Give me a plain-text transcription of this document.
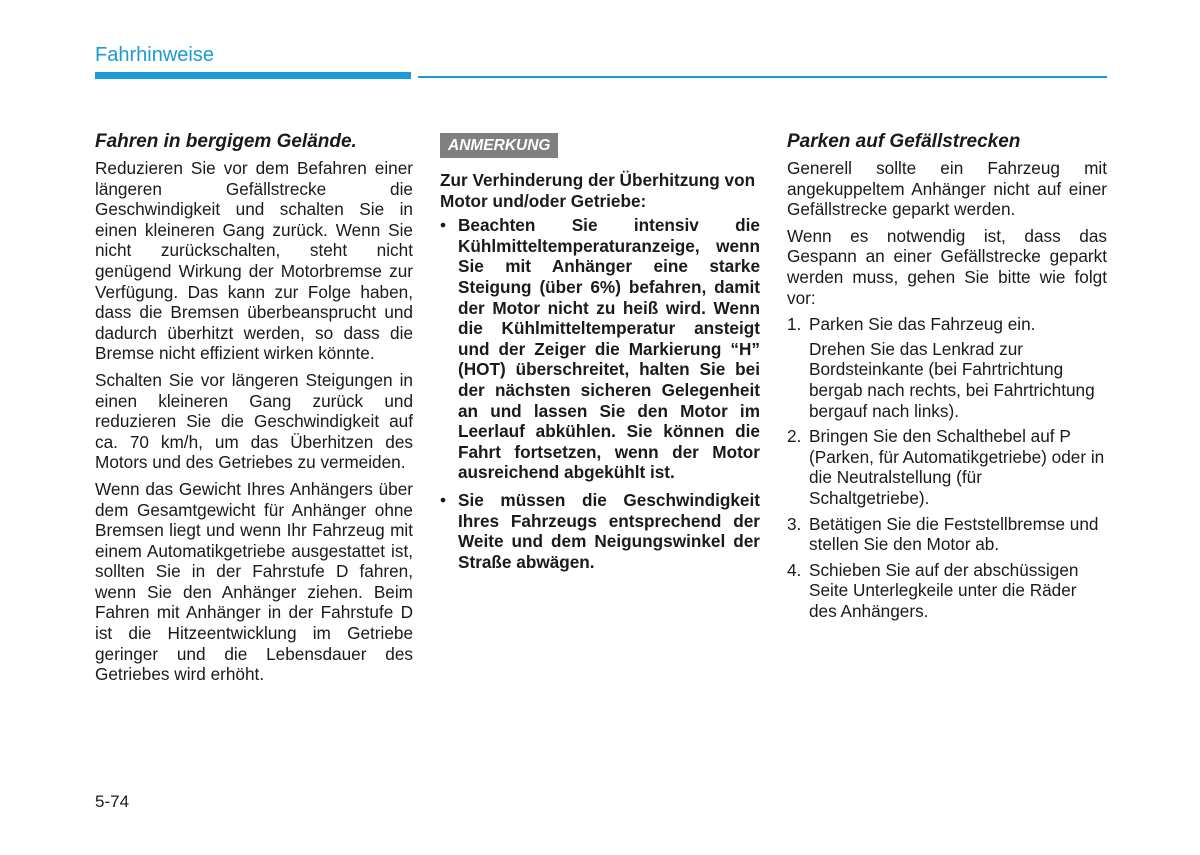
Fahrhinweise
Fahren in bergigem Gelände.

Reduzieren Sie vor dem Befahren einer längeren Gefällstrecke die Geschwindigkeit und schalten Sie in einen kleineren Gang zurück. Wenn Sie nicht zurückschalten, steht nicht genügend Wirkung der Motorbremse zur Verfügung. Das kann zur Folge haben, dass die Bremsen überbeansprucht und dadurch überhitzt werden, so dass die Bremse nicht effizient wirken könnte.

Schalten Sie vor längeren Steigungen in einen kleineren Gang zurück und reduzieren Sie die Geschwindigkeit auf ca. 70 km/h, um das Überhitzen des Motors und des Getriebes zu vermeiden.

Wenn das Gewicht Ihres Anhängers über dem Gesamtgewicht für Anhänger ohne Bremsen liegt und wenn Ihr Fahrzeug mit einem Automatikgetriebe ausgestattet ist, sollten Sie in der Fahrstufe D fahren, wenn Sie den Anhänger ziehen. Beim Fahren mit Anhänger in der Fahrstufe D ist die Hitzeentwicklung im Getriebe geringer und die Lebensdauer des Getriebes wird erhöht.

ANMERKUNG
Zur Verhinderung der Überhitzung von Motor und/oder Getriebe:
• Beachten Sie intensiv die Kühlmitteltemperaturanzeige, wenn Sie mit Anhänger eine starke Steigung (über 6%) befahren, damit der Motor nicht zu heiß wird. Wenn die Kühlmitteltemperatur ansteigt und der Zeiger die Markierung “H” (HOT) überschreitet, halten Sie bei der nächsten sicheren Gelegenheit an und lassen Sie den Motor im Leerlauf abkühlen. Sie können die Fahrt fortsetzen, wenn der Motor ausreichend abgekühlt ist.
• Sie müssen die Geschwindigkeit Ihres Fahrzeugs entsprechend der Weite und dem Neigungswinkel der Straße abwägen.
Parken auf Gefällstrecken

Generell sollte ein Fahrzeug mit angekuppeltem Anhänger nicht auf einer Gefällstrecke geparkt werden.

Wenn es notwendig ist, dass das Gespann an einer Gefällstrecke geparkt werden muss, gehen Sie bitte wie folgt vor:

1. Parken Sie das Fahrzeug ein.
Drehen Sie das Lenkrad zur Bordsteinkante (bei Fahrtrichtung bergab nach rechts, bei Fahrtrichtung bergauf nach links).
2. Bringen Sie den Schalthebel auf P (Parken, für Automatikgetriebe) oder in die Neutralstellung (für Schaltgetriebe).
3. Betätigen Sie die Feststellbremse und stellen Sie den Motor ab.
4. Schieben Sie auf der abschüssigen Seite Unterlegkeile unter die Räder des Anhängers.
5-74
